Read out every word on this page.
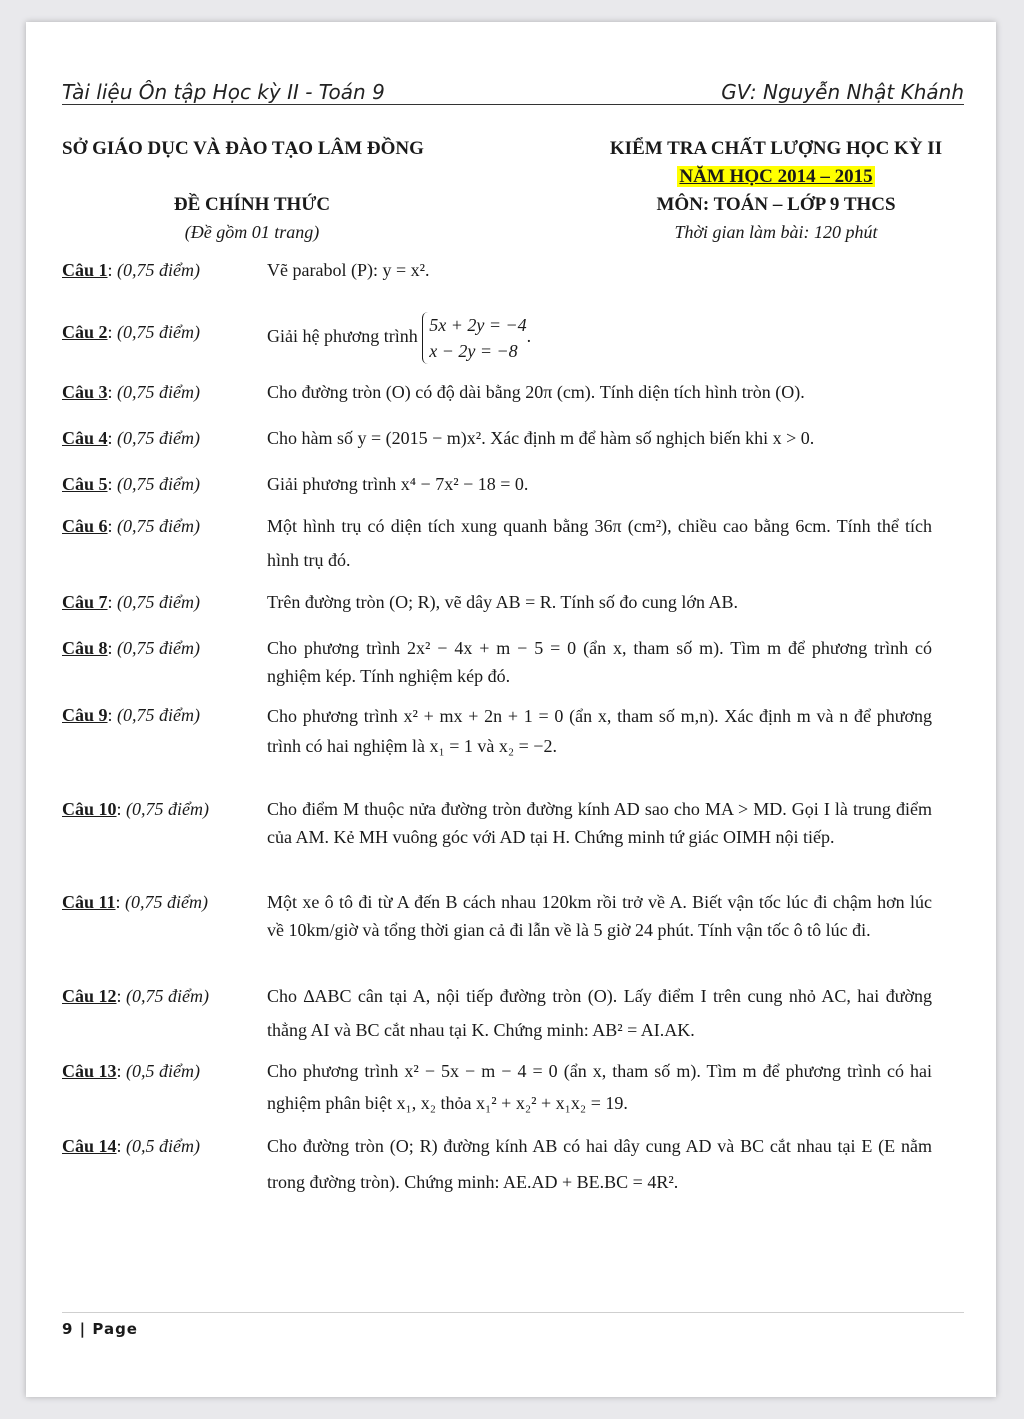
Tài liệu Ôn tập Học kỳ II - Toán 9	GV: Nguyễn Nhật Khánh
SỞ GIÁO DỤC VÀ ĐÀO TẠO LÂM ĐỒNG	KIỂM TRA CHẤT LƯỢNG HỌC KỲ II
NĂM HỌC 2014 – 2015
ĐỀ CHÍNH THỨC	MÔN: TOÁN – LỚP 9 THCS
(Đề gồm 01 trang)	Thời gian làm bài: 120 phút
Câu 1: (0,75 điểm)	Vẽ parabol (P): y = x².
Câu 2: (0,75 điểm)	Giải hệ phương trình
5x + 2y = −4
x − 2y = −8
.
Câu 3: (0,75 điểm)	Cho đường tròn (O) có độ dài bằng 20π (cm). Tính diện tích hình tròn (O).
Câu 4: (0,75 điểm)	Cho hàm số y = (2015 − m)x². Xác định m để hàm số nghịch biến khi x > 0.
Câu 5: (0,75 điểm)	Giải phương trình x⁴ − 7x² − 18 = 0.
Câu 6: (0,75 điểm)	Một hình trụ có diện tích xung quanh bằng 36π (cm²), chiều cao bằng 6cm. Tính thể tích hình trụ đó.
Câu 7: (0,75 điểm)	Trên đường tròn (O; R), vẽ dây AB = R. Tính số đo cung lớn AB.
Câu 8: (0,75 điểm)	Cho phương trình 2x² − 4x + m − 5 = 0 (ẩn x, tham số m). Tìm m để phương trình có nghiệm kép. Tính nghiệm kép đó.
Câu 9: (0,75 điểm)	Cho phương trình x² + mx + 2n + 1 = 0 (ẩn x, tham số m,n). Xác định m và n để phương trình có hai nghiệm là x₁ = 1 và x₂ = −2.
Câu 10: (0,75 điểm)	Cho điểm M thuộc nửa đường tròn đường kính AD sao cho MA > MD. Gọi I là trung điểm của AM. Kẻ MH vuông góc với AD tại H. Chứng minh tứ giác OIMH nội tiếp.
Câu 11: (0,75 điểm)	Một xe ô tô đi từ A đến B cách nhau 120km rồi trở về A. Biết vận tốc lúc đi chậm hơn lúc về 10km/giờ và tổng thời gian cả đi lẫn về là 5 giờ 24 phút. Tính vận tốc ô tô lúc đi.
Câu 12: (0,75 điểm)	Cho ∆ABC cân tại A, nội tiếp đường tròn (O). Lấy điểm I trên cung nhỏ AC, hai đường thẳng AI và BC cắt nhau tại K. Chứng minh: AB² = AI.AK.
Câu 13: (0,5 điểm)	Cho phương trình x² − 5x − m − 4 = 0 (ẩn x, tham số m). Tìm m để phương trình có hai nghiệm phân biệt x₁, x₂ thỏa x₁² + x₂² + x₁x₂ = 19.
Câu 14: (0,5 điểm)	Cho đường tròn (O; R) đường kính AB có hai dây cung AD và BC cắt nhau tại E (E nằm trong đường tròn). Chứng minh: AE.AD + BE.BC = 4R².
9 | Page
